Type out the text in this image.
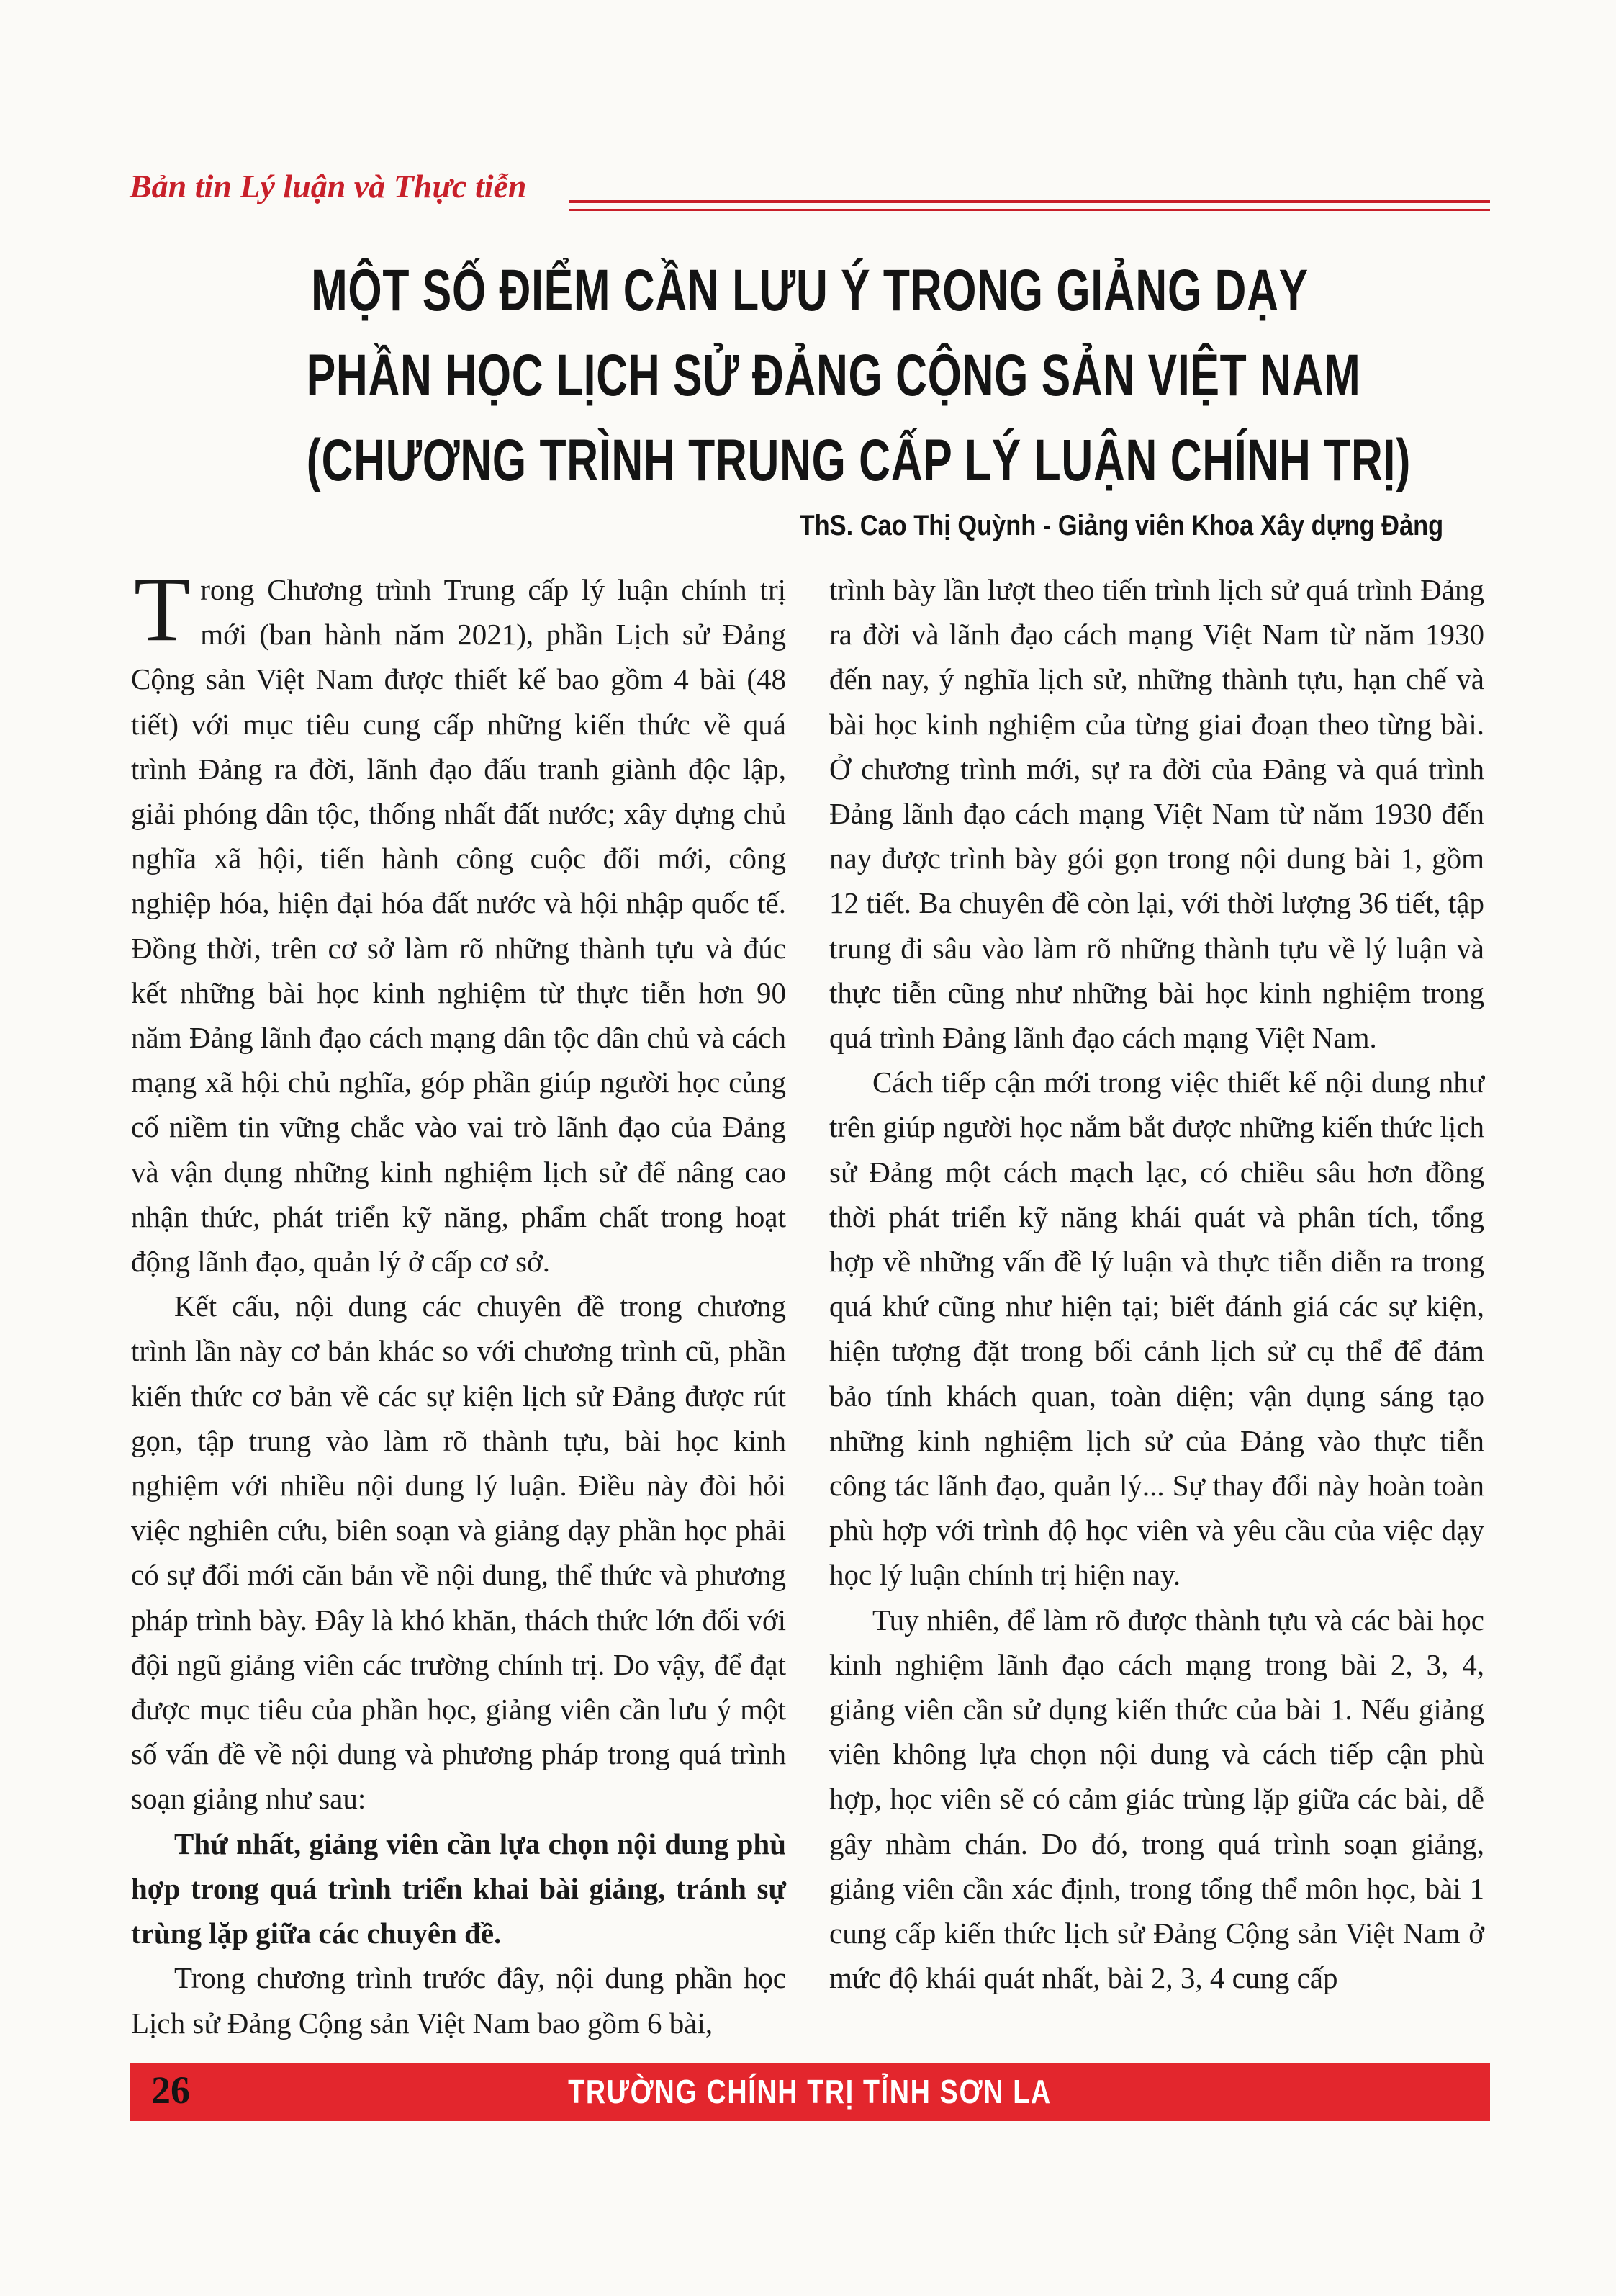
Bản tin Lý luận và Thực tiễn
MỘT SỐ ĐIỂM CẦN LƯU Ý TRONG GIẢNG DẠY
PHẦN HỌC LỊCH SỬ ĐẢNG CỘNG SẢN VIỆT NAM
(CHƯƠNG TRÌNH TRUNG CẤP LÝ LUẬN CHÍNH TRỊ)
ThS. Cao Thị Quỳnh - Giảng viên Khoa Xây dựng Đảng

Trong Chương trình Trung cấp lý luận chính trị mới (ban hành năm 2021), phần Lịch sử Đảng Cộng sản Việt Nam được thiết kế bao gồm 4 bài (48 tiết) với mục tiêu cung cấp những kiến thức về quá trình Đảng ra đời, lãnh đạo đấu tranh giành độc lập, giải phóng dân tộc, thống nhất đất nước; xây dựng chủ nghĩa xã hội, tiến hành công cuộc đổi mới, công nghiệp hóa, hiện đại hóa đất nước và hội nhập quốc tế. Đồng thời, trên cơ sở làm rõ những thành tựu và đúc kết những bài học kinh nghiệm từ thực tiễn hơn 90 năm Đảng lãnh đạo cách mạng dân tộc dân chủ và cách mạng xã hội chủ nghĩa, góp phần giúp người học củng cố niềm tin vững chắc vào vai trò lãnh đạo của Đảng và vận dụng những kinh nghiệm lịch sử để nâng cao nhận thức, phát triển kỹ năng, phẩm chất trong hoạt động lãnh đạo, quản lý ở cấp cơ sở.

Kết cấu, nội dung các chuyên đề trong chương trình lần này cơ bản khác so với chương trình cũ, phần kiến thức cơ bản về các sự kiện lịch sử Đảng được rút gọn, tập trung vào làm rõ thành tựu, bài học kinh nghiệm với nhiều nội dung lý luận. Điều này đòi hỏi việc nghiên cứu, biên soạn và giảng dạy phần học phải có sự đổi mới căn bản về nội dung, thể thức và phương pháp trình bày. Đây là khó khăn, thách thức lớn đối với đội ngũ giảng viên các trường chính trị. Do vậy, để đạt được mục tiêu của phần học, giảng viên cần lưu ý một số vấn đề về nội dung và phương pháp trong quá trình soạn giảng như sau:

Thứ nhất, giảng viên cần lựa chọn nội dung phù hợp trong quá trình triển khai bài giảng, tránh sự trùng lặp giữa các chuyên đề.

Trong chương trình trước đây, nội dung phần học Lịch sử Đảng Cộng sản Việt Nam bao gồm 6 bài,

trình bày lần lượt theo tiến trình lịch sử quá trình Đảng ra đời và lãnh đạo cách mạng Việt Nam từ năm 1930 đến nay, ý nghĩa lịch sử, những thành tựu, hạn chế và bài học kinh nghiệm của từng giai đoạn theo từng bài. Ở chương trình mới, sự ra đời của Đảng và quá trình Đảng lãnh đạo cách mạng Việt Nam từ năm 1930 đến nay được trình bày gói gọn trong nội dung bài 1, gồm 12 tiết. Ba chuyên đề còn lại, với thời lượng 36 tiết, tập trung đi sâu vào làm rõ những thành tựu về lý luận và thực tiễn cũng như những bài học kinh nghiệm trong quá trình Đảng lãnh đạo cách mạng Việt Nam.

Cách tiếp cận mới trong việc thiết kế nội dung như trên giúp người học nắm bắt được những kiến thức lịch sử Đảng một cách mạch lạc, có chiều sâu hơn đồng thời phát triển kỹ năng khái quát và phân tích, tổng hợp về những vấn đề lý luận và thực tiễn diễn ra trong quá khứ cũng như hiện tại; biết đánh giá các sự kiện, hiện tượng đặt trong bối cảnh lịch sử cụ thể để đảm bảo tính khách quan, toàn diện; vận dụng sáng tạo những kinh nghiệm lịch sử của Đảng vào thực tiễn công tác lãnh đạo, quản lý... Sự thay đổi này hoàn toàn phù hợp với trình độ học viên và yêu cầu của việc dạy học lý luận chính trị hiện nay.

Tuy nhiên, để làm rõ được thành tựu và các bài học kinh nghiệm lãnh đạo cách mạng trong bài 2, 3, 4, giảng viên cần sử dụng kiến thức của bài 1. Nếu giảng viên không lựa chọn nội dung và cách tiếp cận phù hợp, học viên sẽ có cảm giác trùng lặp giữa các bài, dễ gây nhàm chán. Do đó, trong quá trình soạn giảng, giảng viên cần xác định, trong tổng thể môn học, bài 1 cung cấp kiến thức lịch sử Đảng Cộng sản Việt Nam ở mức độ khái quát nhất, bài 2, 3, 4 cung cấp

26	TRƯỜNG CHÍNH TRỊ TỈNH SƠN LA
